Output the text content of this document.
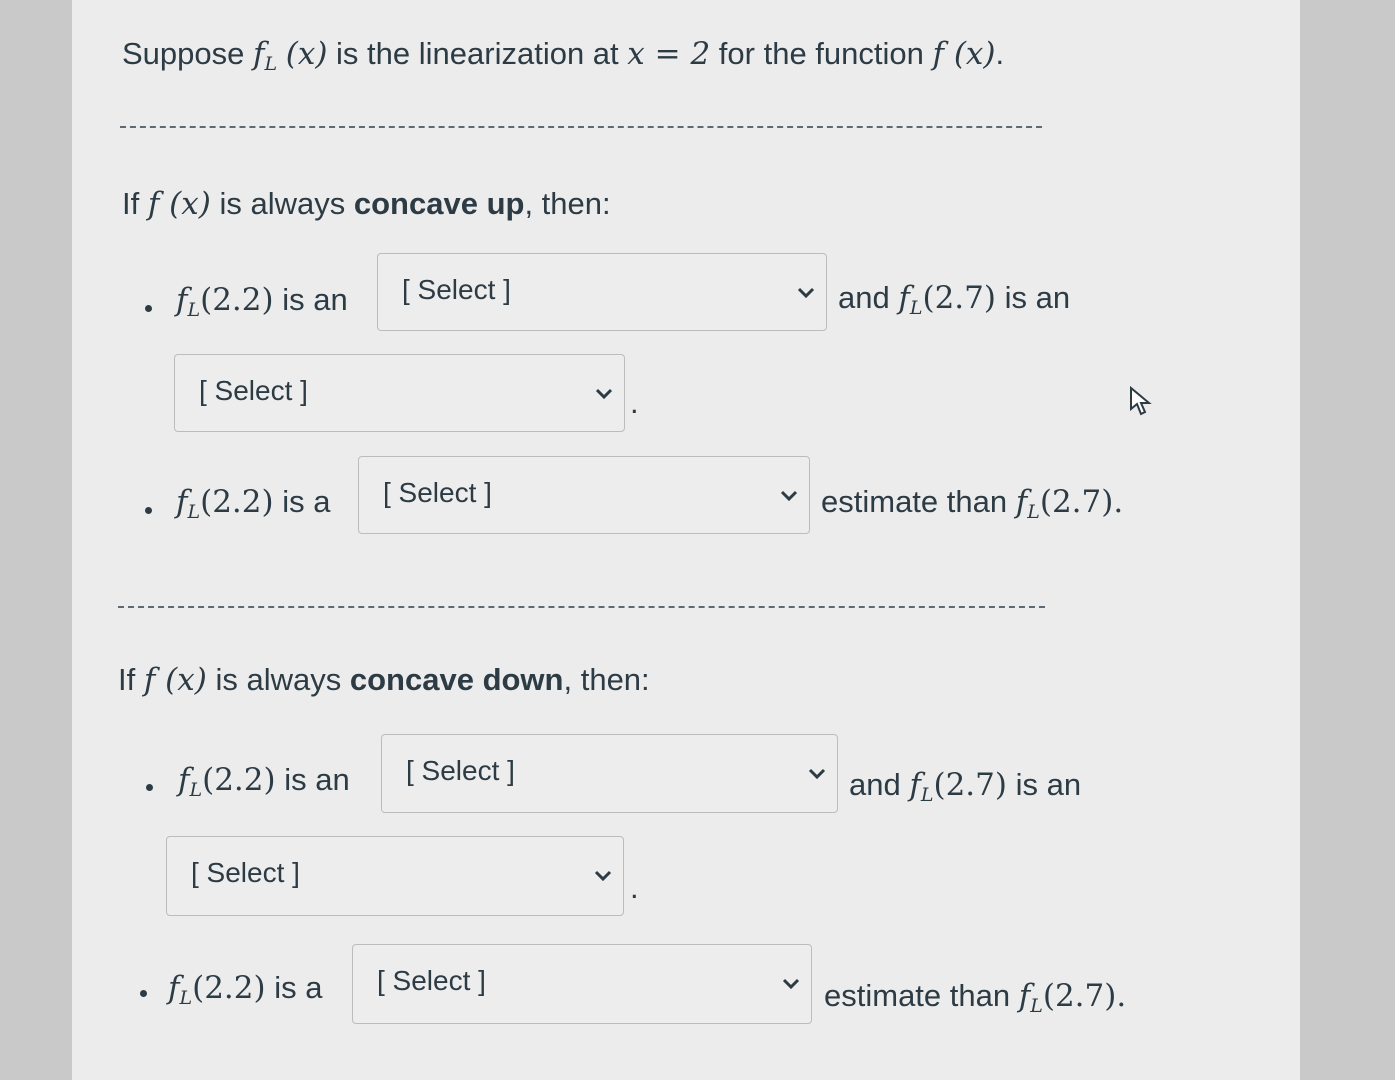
Suppose $f_L$ (x) is the linearization at x = 2 for the function f (x).
If f (x) is always concave up, then:
$f_L(2.2)$ is an [ Select ]	and $f_L(2.7)$ is an
[ Select ]	.
$f_L(2.2)$ is a [ Select ]	estimate than $f_L(2.7)$.
If f (x) is always concave down, then:
$f_L(2.2)$ is an [ Select ]	and $f_L(2.7)$ is an
[ Select ]	.
$f_L(2.2)$ is a [ Select ]	estimate than $f_L(2.7)$.
